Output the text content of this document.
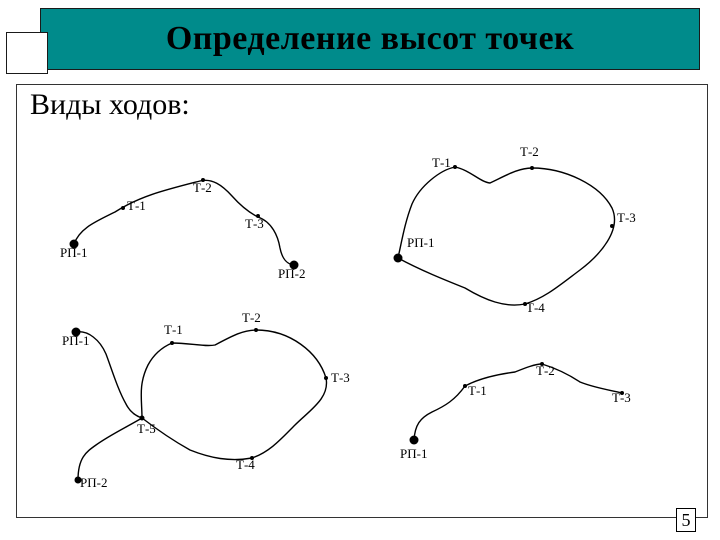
Определение высот точек
Виды ходов:
РП-1
Т-1
Т-2
Т-3
РП-2
РП-1
Т-1
Т-2
Т-3
Т-4
РП-1
Т-1
Т-2
Т-3
Т-4
Т-5
РП-2
РП-1
Т-1
Т-2
Т-3
5
